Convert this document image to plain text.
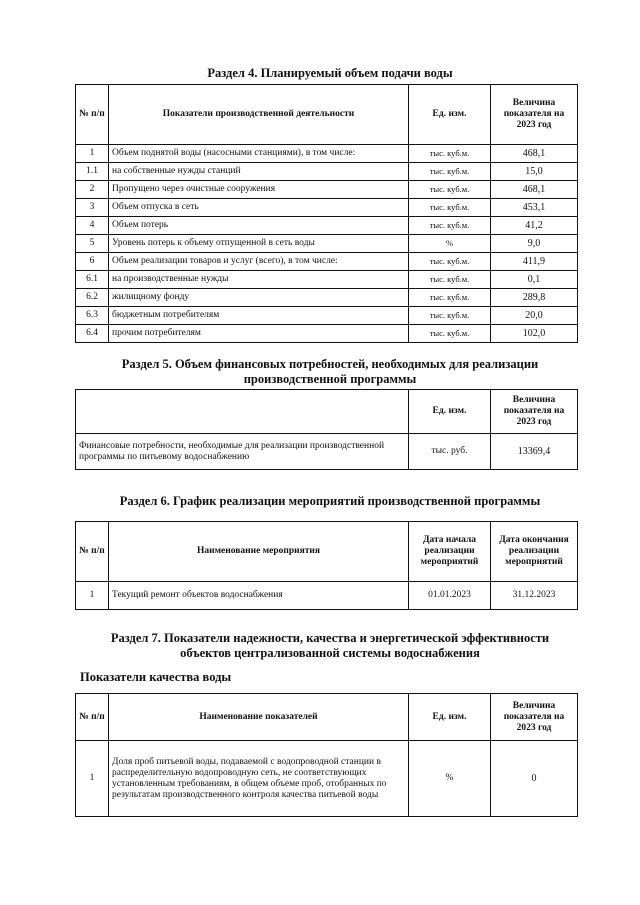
Раздел 4. Планируемый объем подачи воды
№ п/п	Показатели производственной деятельности	Ед. изм.	Величина показателя на 2023 год
1	Объем поднятой воды (насосными станциями), в том числе:	тыс. куб.м.	468,1
1.1	на собственные нужды станций	тыс. куб.м.	15,0
2	Пропущено через очистные сооружения	тыс. куб.м.	468,1
3	Объем отпуска в сеть	тыс. куб.м.	453,1
4	Объем потерь	тыс. куб.м.	41,2
5	Уровень потерь к объему отпущенной в сеть воды	%	9,0
6	Объем реализации товаров и услуг (всего), в том числе:	тыс. куб.м.	411,9
6.1	на производственные нужды	тыс. куб.м.	0,1
6.2	жилищному фонду	тыс. куб.м.	289,8
6.3	бюджетным потребителям	тыс. куб.м.	20,0
6.4	прочим потребителям	тыс. куб.м.	102,0
Раздел 5. Объем финансовых потребностей, необходимых для реализации
производственной программы
	Ед. изм.	Величина показателя на 2023 год
Финансовые потребности, необходимые для реализации производственной программы по питьевому водоснабжению	тыс. руб.	13369,4
Раздел 6. График реализации мероприятий производственной программы
№ п/п	Наименование мероприятия	Дата начала реализации мероприятий	Дата окончания реализации мероприятий
1	Текущий ремонт объектов водоснабжения	01.01.2023	31.12.2023
Раздел 7. Показатели надежности, качества и энергетической эффективности
объектов централизованной системы водоснабжения
Показатели качества воды
№ п/п	Наименование показателей	Ед. изм.	Величина показателя на 2023 год
1	Доля проб питьевой воды, подаваемой с водопроводной станции в распределительную водопроводную сеть, не соответствующих установленным требованиям, в общем объеме проб, отобранных по результатам производственного контроля качества питьевой воды	%	0
